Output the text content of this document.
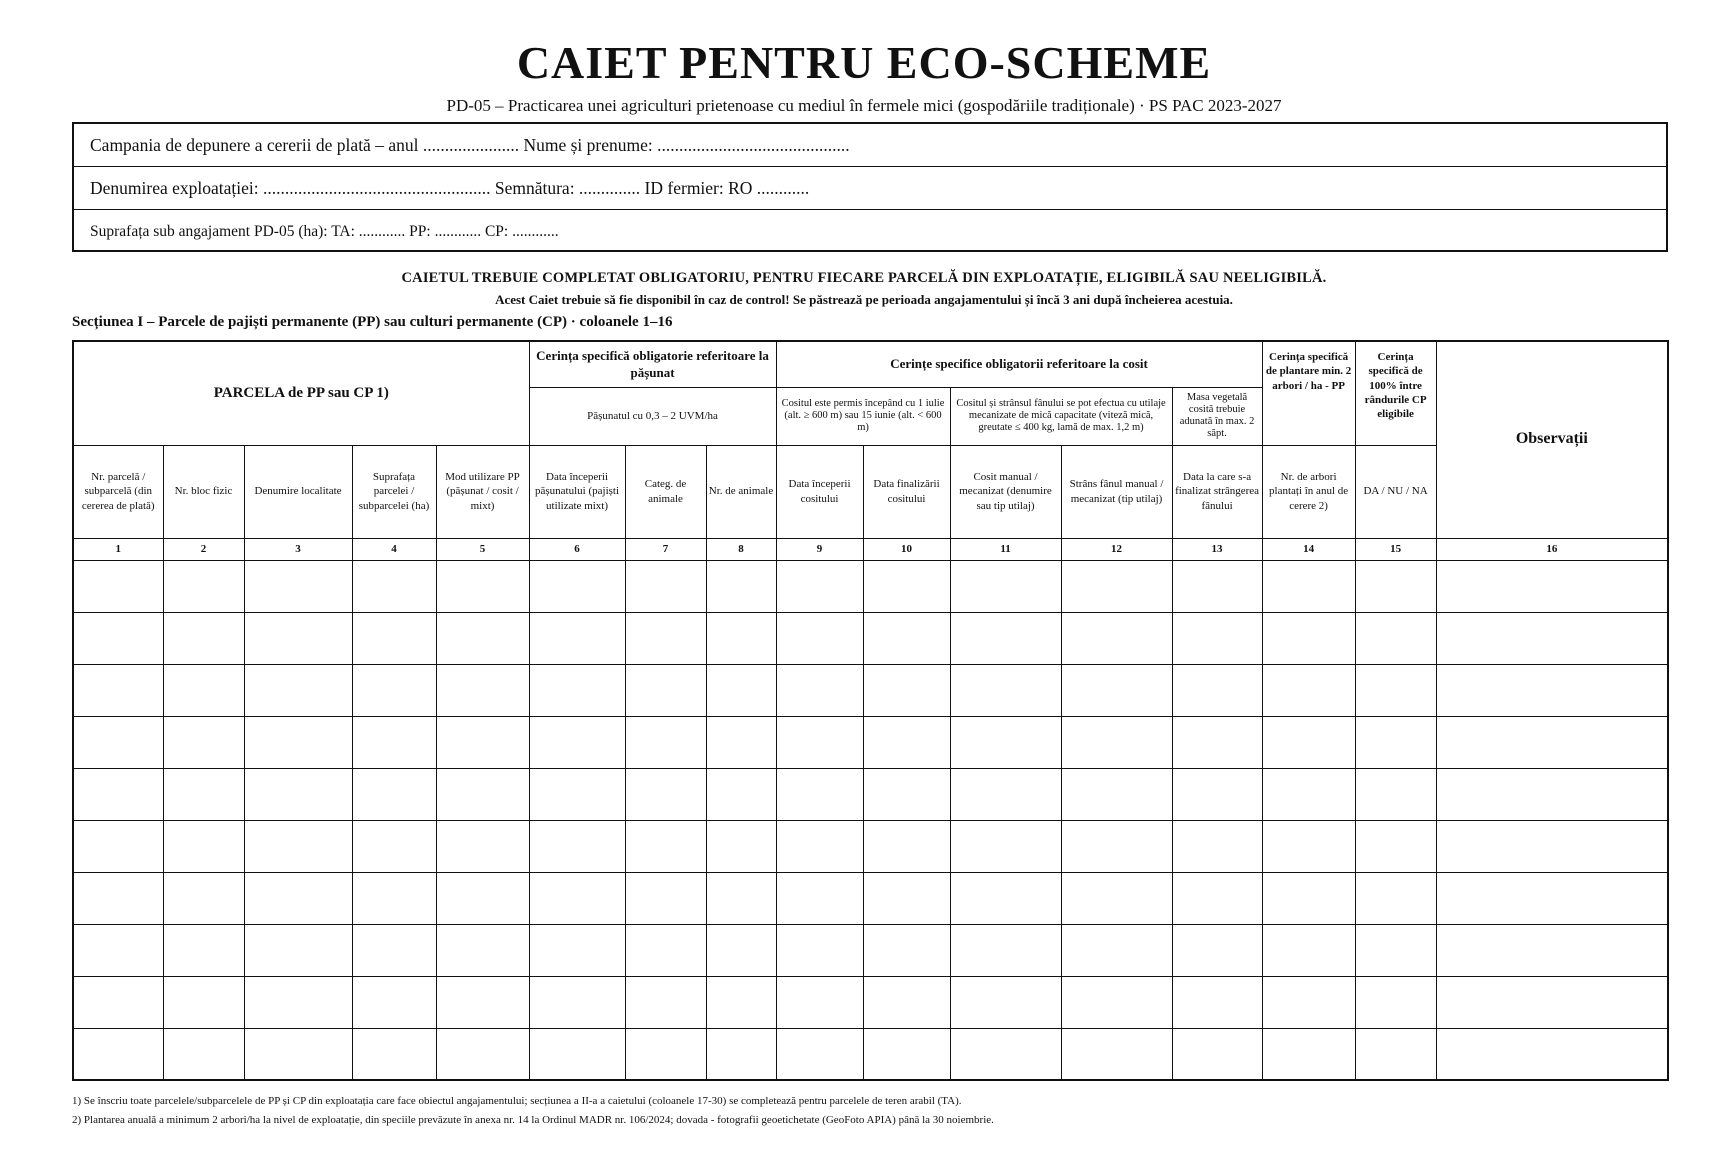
CAIET PENTRU ECO-SCHEME
PD-05 – Practicarea unei agriculturi prietenoase cu mediul în fermele mici (gospodăriile tradiționale) · PS PAC 2023-2027
Campania de depunere a cererii de plată – anul ...................... Nume și prenume: ............................................
Denumirea exploatației: .................................................... Semnătura: .............. ID fermier: RO ............
Suprafața sub angajament PD-05 (ha): TA: ............ PP: ............ CP: ............
CAIETUL TREBUIE COMPLETAT OBLIGATORIU, PENTRU FIECARE PARCELĂ DIN EXPLOATAȚIE, ELIGIBILĂ SAU NEELIGIBILĂ.
Acest Caiet trebuie să fie disponibil în caz de control! Se păstrează pe perioada angajamentului și încă 3 ani după încheierea acestuia.
Secțiunea I – Parcele de pajiști permanente (PP) sau culturi permanente (CP) · coloanele 1–16
PARCELA de PP sau CP 1)					Cerința specifică obligatorie referitoare la pășunat			Cerințe specifice obligatorii referitoare la cosit					Cerința specifică de plantare min. 2 arbori / ha - PP	Cerința specifică de 100% între rândurile CP eligibile	Observații
					Pășunatul cu 0,3 – 2 UVM/ha			Cositul este permis începând cu 1 iulie (alt. ≥ 600 m) sau 15 iunie (alt. < 600 m)		Cositul și strânsul fânului se pot efectua cu utilaje mecanizate de mică capacitate (viteză mică, greutate ≤ 400 kg, lamă de max. 1,2 m)		Masa vegetală cosită trebuie adunată în max. 2 săpt.			
Nr. parcelă / subparcelă (din cererea de plată)	Nr. bloc fizic	Denumire localitate	Suprafața parcelei / subparcelei (ha)	Mod utilizare PP (pășunat / cosit / mixt)	Data începerii pășunatului (pajiști utilizate mixt)	Categ. de animale	Nr. de animale	Data începerii cositului	Data finalizării cositului	Cosit manual / mecanizat (denumire sau tip utilaj)	Strâns fânul manual / mecanizat (tip utilaj)	Data la care s-a finalizat strângerea fânului	Nr. de arbori plantați în anul de cerere 2)	DA / NU / NA	
1	2	3	4	5	6	7	8	9	10	11	12	13	14	15	16

1) Se înscriu toate parcelele/subparcelele de PP și CP din exploatația care face obiectul angajamentului; secțiunea a II-a a caietului (coloanele 17-30) se completează pentru parcelele de teren arabil (TA).
2) Plantarea anuală a minimum 2 arbori/ha la nivel de exploatație, din speciile prevăzute în anexa nr. 14 la Ordinul MADR nr. 106/2024; dovada - fotografii geoetichetate (GeoFoto APIA) până la 30 noiembrie.
